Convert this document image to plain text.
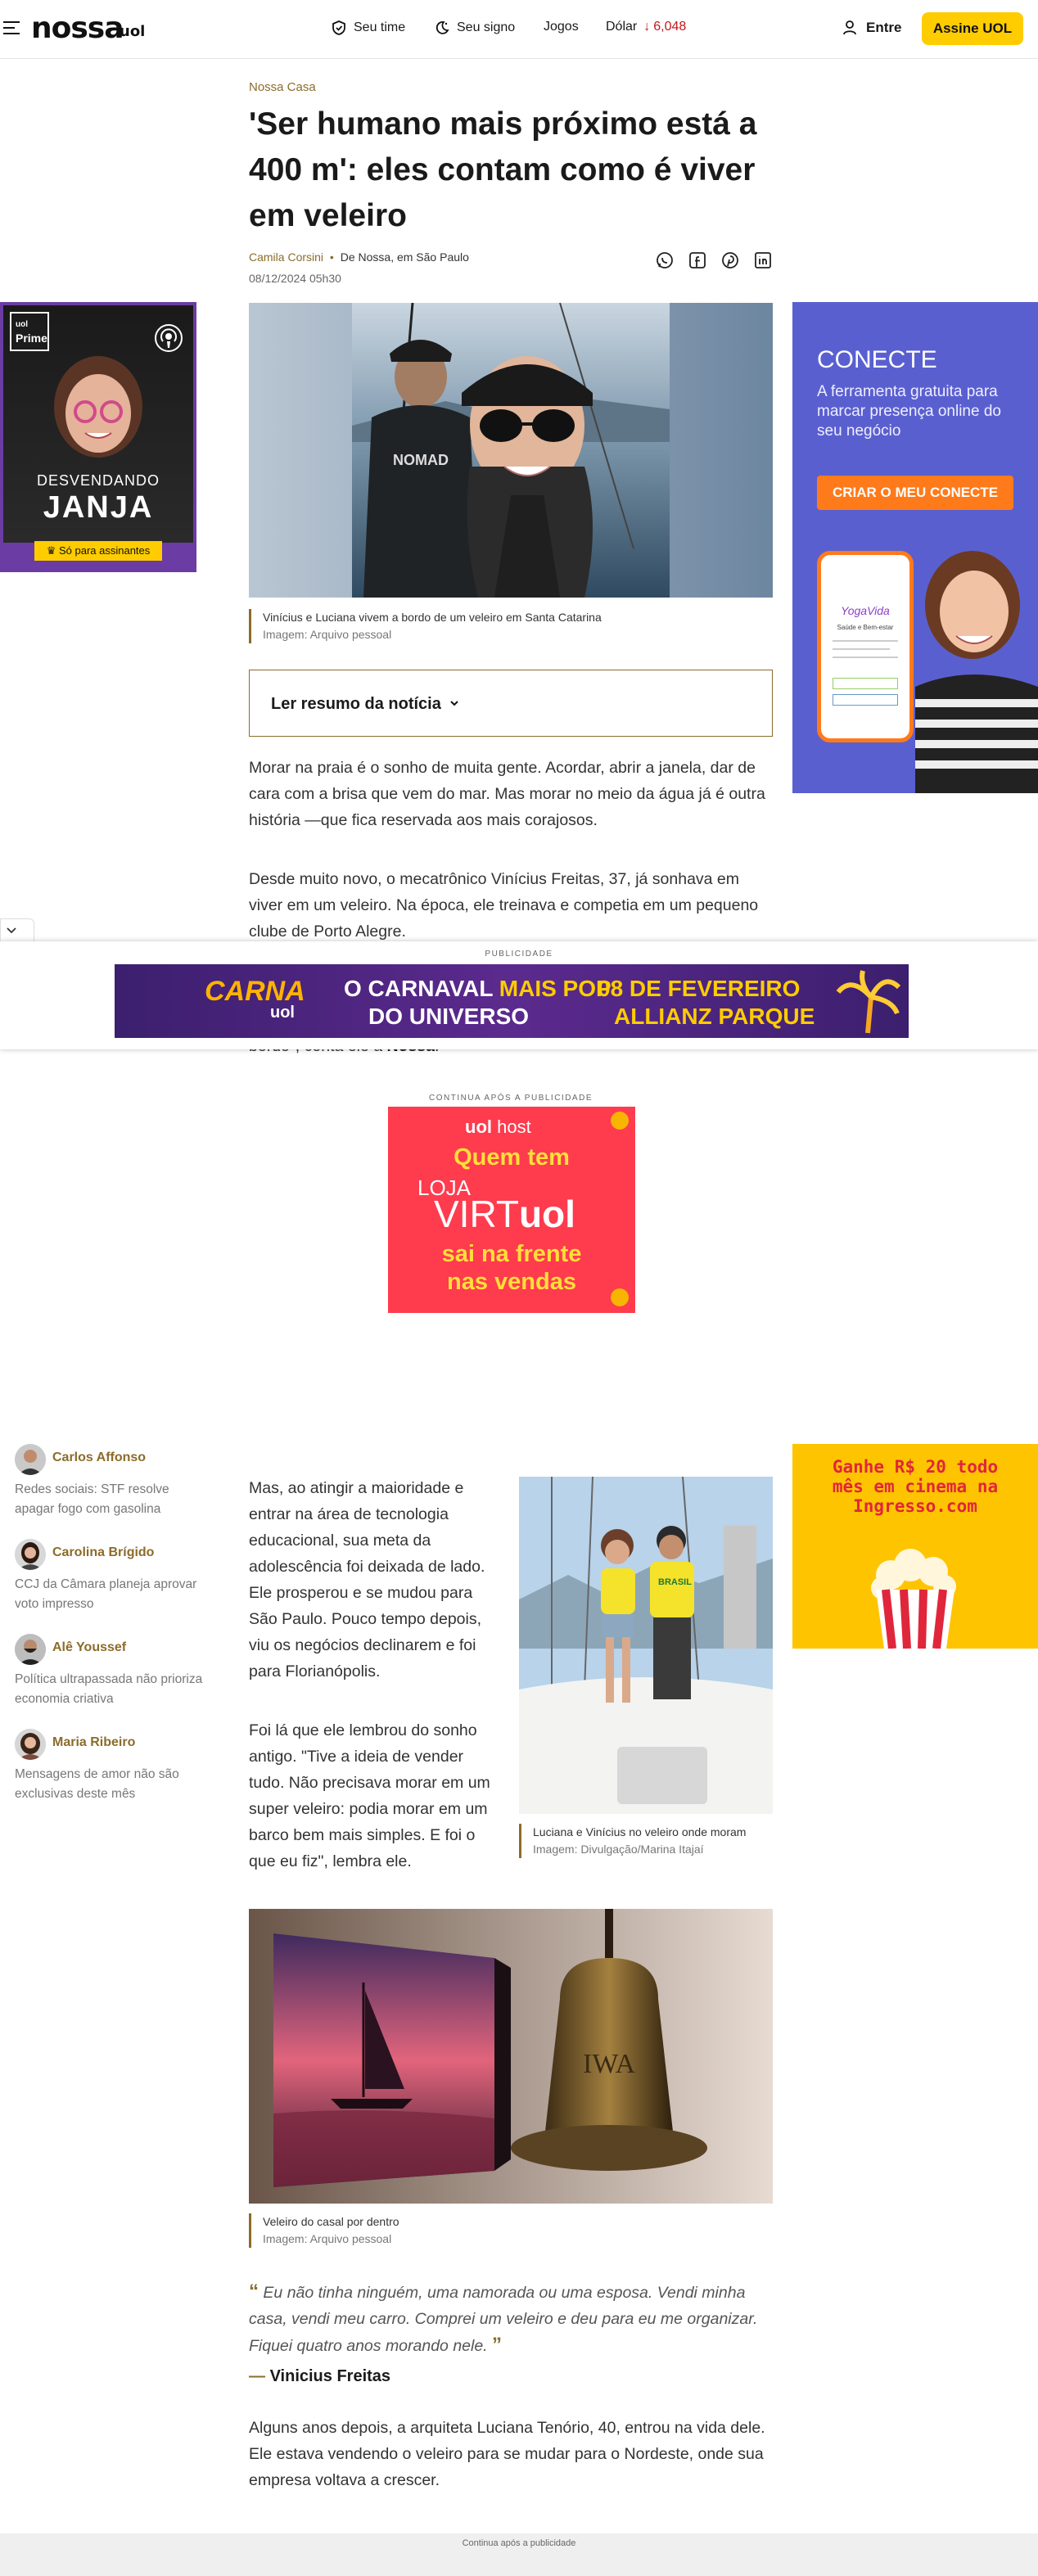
nossa
uol	Seu time	Seu signo Jogos Dólar ↓ 6,048	Entre	Assine UOL
Nossa Casa
'Ser humano mais próximo está a 400 m': eles contam como é viver em veleiro
Camila Corsini • De Nossa, em São Paulo
08/12/2024 05h30
NOMAD
Vinícius e Luciana vivem a bordo de um veleiro em Santa Catarina
Imagem: Arquivo pessoal
Ler resumo da notícia

Morar na praia é o sonho de muita gente. Acordar, abrir a janela, dar de cara com a brisa que vem do mar. Mas morar no meio da água já é outra história —que fica reservada aos mais corajosos.

Desde muito novo, o mecatrônico Vinícius Freitas, 37, já sonhava em viver em um veleiro. Na época, ele treinava e competia em um pequeno clube de Porto Alegre.

uol
Prime
DESVENDANDO
JANJA
♛ Só para assinantes
CONECTE
A ferramenta gratuita para marcar presença online do seu negócio
CRIAR O MEU CONECTE
YogaVida
Saúde e Bem-estar
PUBLICIDADE
CARNA
uol
O CARNAVAL MAIS POP
DO UNIVERSO
08 DE FEVEREIRO
ALLIANZ PARQUE
CONTINUA APÓS A PUBLICIDADE
uol host
Quem tem
LOJA
VIRTuol
sai na frente
nas vendas
Carlos Affonso
Redes sociais: STF resolve apagar fogo com gasolina
Carolina Brígido
CCJ da Câmara planeja aprovar voto impresso
Alê Youssef
Política ultrapassada não prioriza economia criativa
Maria Ribeiro
Mensagens de amor não são exclusivas deste mês
Ganhe R$ 20 todo mês em cinema na Ingresso.com

Mas, ao atingir a maioridade e entrar na área de tecnologia educacional, sua meta da adolescência foi deixada de lado. Ele prosperou e se mudou para São Paulo. Pouco tempo depois, viu os negócios declinarem e foi para Florianópolis.

Foi lá que ele lembrou do sonho antigo. "Tive a ideia de vender tudo. Não precisava morar em um super veleiro: podia morar em um barco bem mais simples. E foi o que eu fiz", lembra ele.

BRASIL
Luciana e Vinícius no veleiro onde moram
Imagem: Divulgação/Marina Itajaí
IWA
Veleiro do casal por dentro
Imagem: Arquivo pessoal
“ Eu não tinha ninguém, uma namorada ou uma esposa. Vendi minha casa, vendi meu carro. Comprei um veleiro e deu para eu me organizar. Fiquei quatro anos morando nele. ”
— Vinicius Freitas

Alguns anos depois, a arquiteta Luciana Tenório, 40, entrou na vida dele. Ele estava vendendo o veleiro para se mudar para o Nordeste, onde sua empresa voltava a crescer.

Continua após a publicidade
